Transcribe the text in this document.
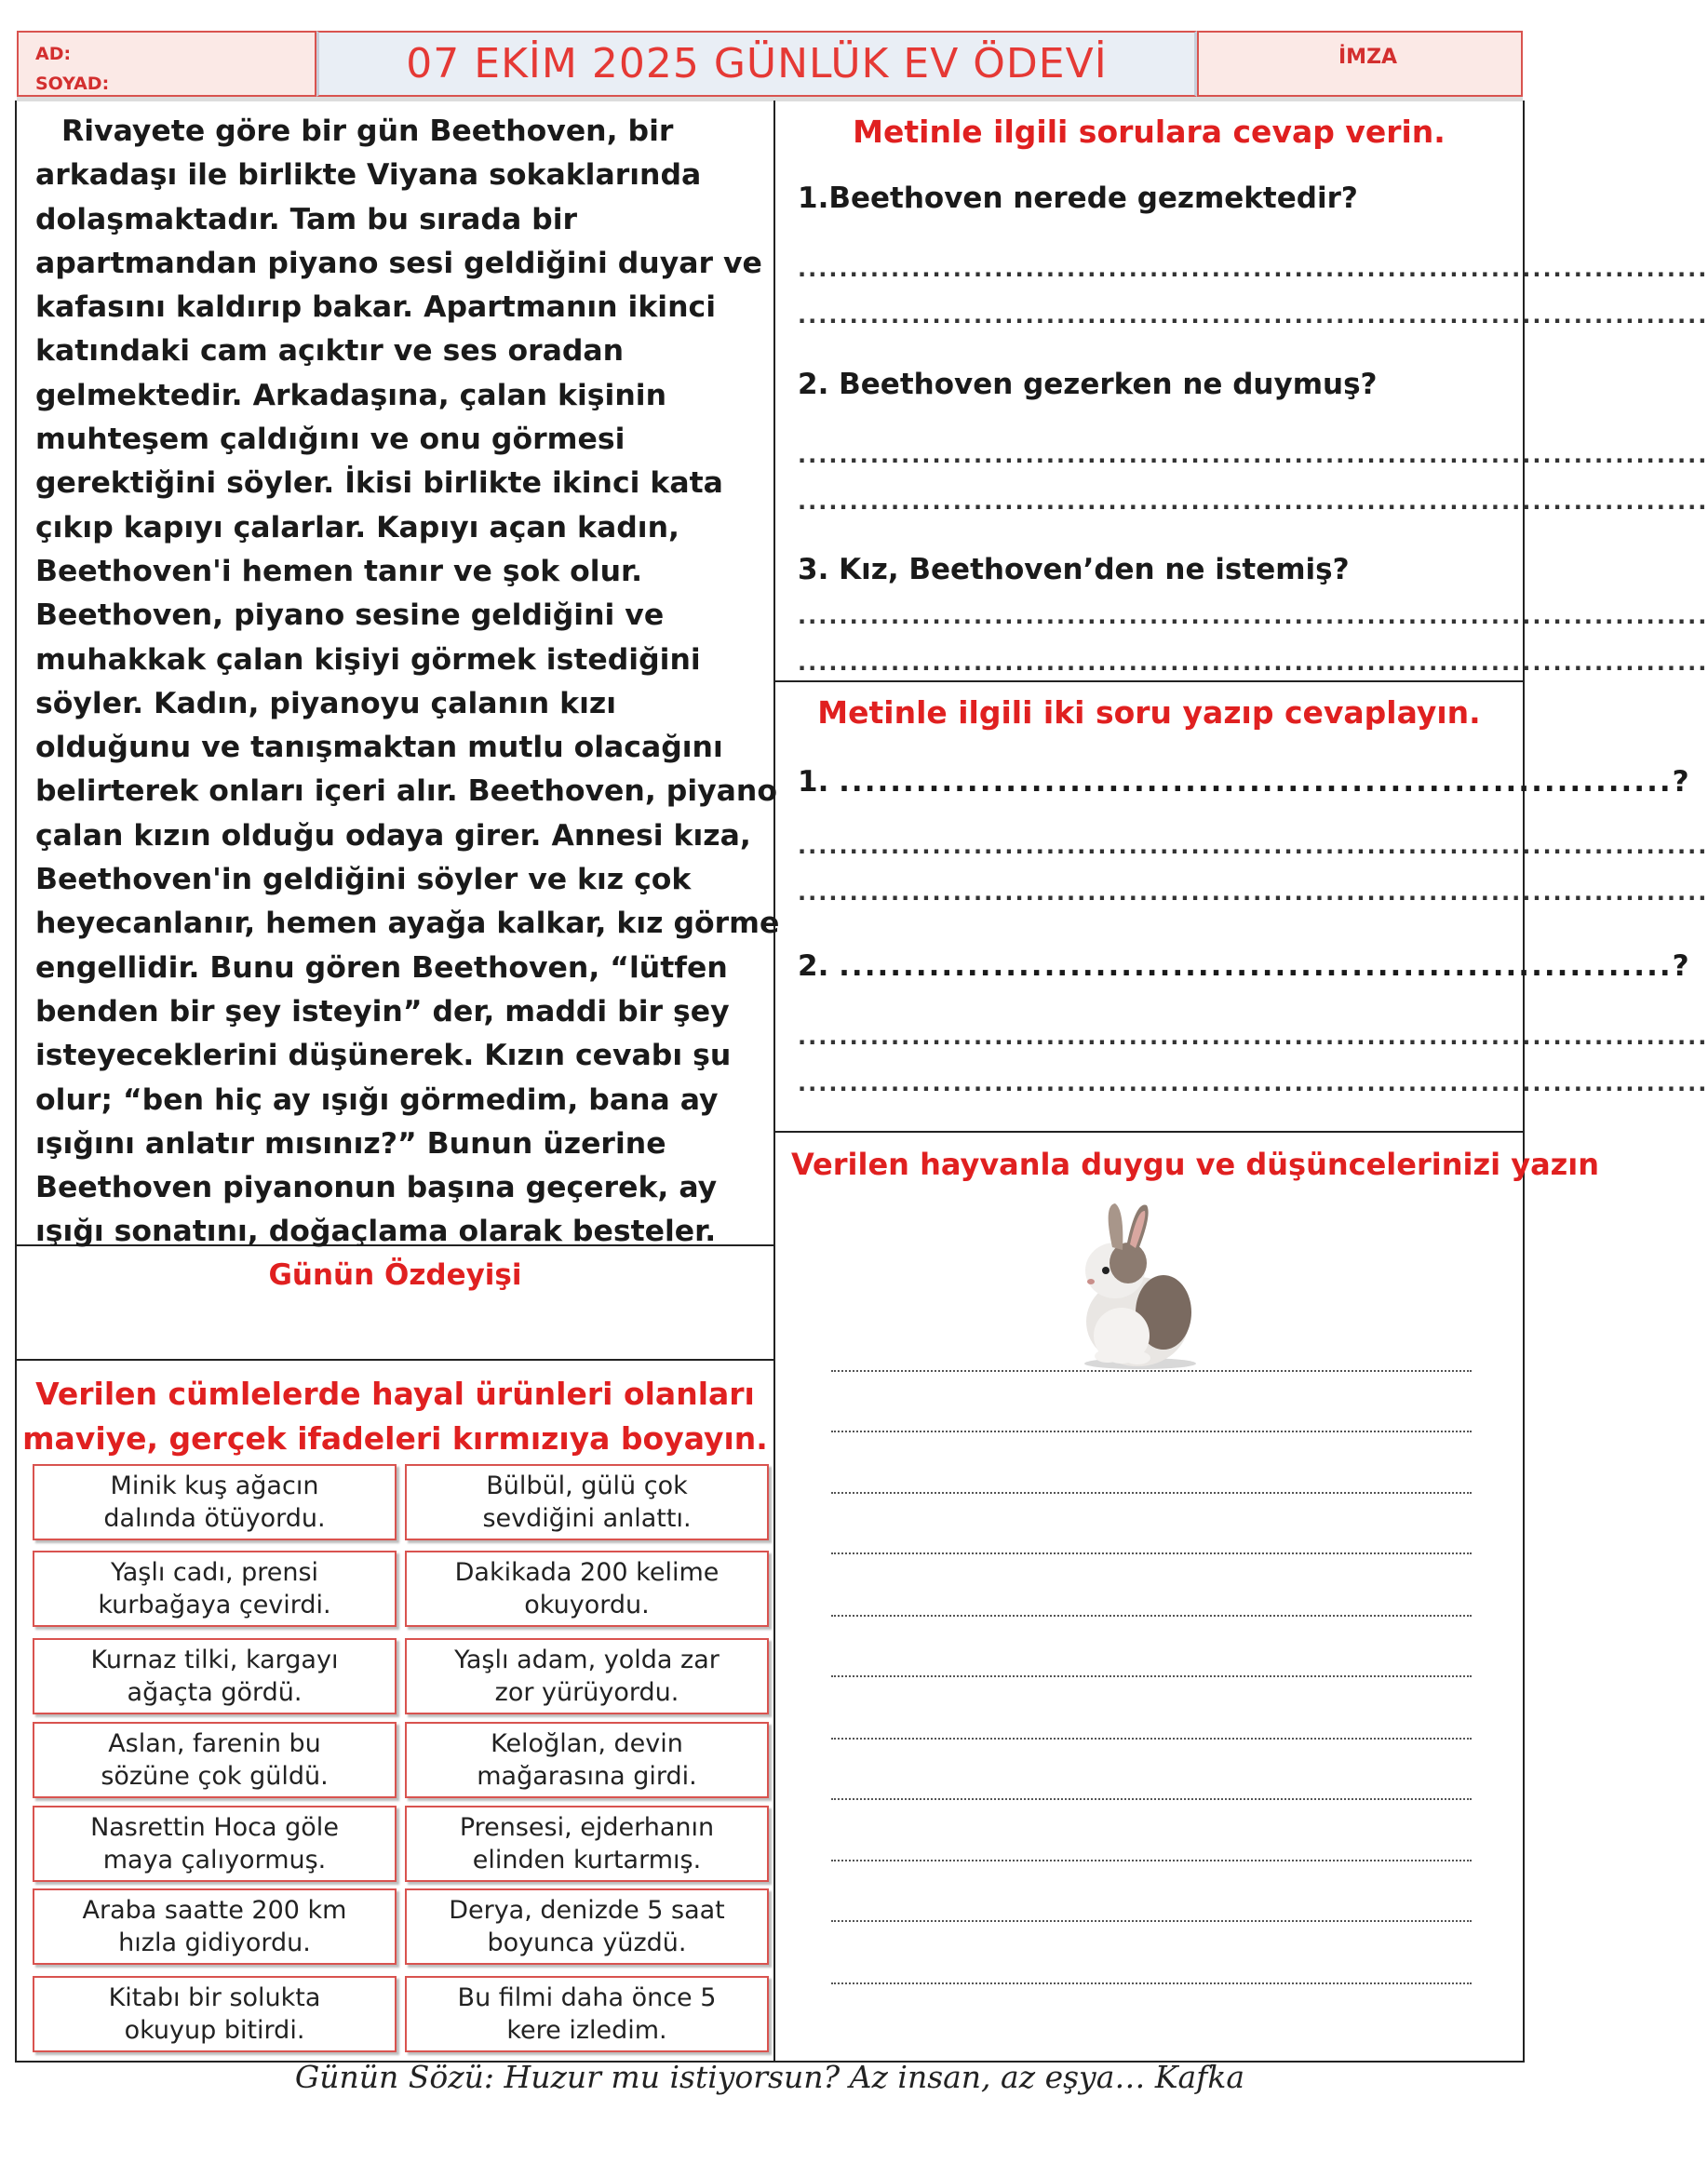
AD:
SOYAD:	07 EKİM 2025 GÜNLÜK EV ÖDEVİ	İMZA
Rivayete göre bir gün Beethoven, bir arkadaşı ile birlikte Viyana sokaklarında dolaşmaktadır. Tam bu sırada bir apartmandan piyano sesi geldiğini duyar ve kafasını kaldırıp bakar. Apartmanın ikinci katındaki cam açıktır ve ses oradan gelmektedir. Arkadaşına, çalan kişinin muhteşem çaldığını ve onu görmesi gerektiğini söyler. İkisi birlikte ikinci kata çıkıp kapıyı çalarlar. Kapıyı açan kadın, Beethoven'i hemen tanır ve şok olur. Beethoven, piyano sesine geldiğini ve muhakkak çalan kişiyi görmek istediğini söyler. Kadın, piyanoyu çalanın kızı olduğunu ve tanışmaktan mutlu olacağını belirterek onları içeri alır. Beethoven, piyano çalan kızın olduğu odaya girer. Annesi kıza, Beethoven'in geldiğini söyler ve kız çok heyecanlanır, hemen ayağa kalkar, kız görme engellidir. Bunu gören Beethoven, “lütfen benden bir şey isteyin” der, maddi bir şey isteyeceklerini düşünerek. Kızın cevabı şu olur; “ben hiç ay ışığı görmedim, bana ay ışığını anlatır mısınız?” Bunun üzerine Beethoven piyanonun başına geçerek, ay ışığı sonatını, doğaçlama olarak besteler.
Günün Özdeyişi
Verilen cümlelerde hayal ürünleri olanları
maviye, gerçek ifadeleri kırmızıya boyayın.
Minik kuş ağacın
dalında ötüyordu.
Bülbül, gülü çok
sevdiğini anlattı.
Yaşlı cadı, prensi
kurbağaya çevirdi.
Dakikada 200 kelime
okuyordu.
Kurnaz tilki, kargayı
ağaçta gördü.
Yaşlı adam, yolda zar
zor yürüyordu.
Aslan, farenin bu
sözüne çok güldü.
Keloğlan, devin
mağarasına girdi.
Nasrettin Hoca göle
maya çalıyormuş.
Prensesi, ejderhanın
elinden kurtarmış.
Araba saatte 200 km
hızla gidiyordu.
Derya, denizde 5 saat
boyunca yüzdü.
Kitabı bir solukta
okuyup bitirdi.
Bu filmi daha önce 5
kere izledim.
Metinle ilgili sorulara cevap verin.
1.Beethoven nerede gezmektedir?
........................................................................................
........................................................................................
2. Beethoven gezerken ne duymuş?
........................................................................................
........................................................................................
3. Kız, Beethoven’den ne istemiş?
........................................................................................
........................................................................................
Metinle ilgili iki soru yazıp cevaplayın.
1. .................................................................?
........................................................................................
........................................................................................
2. .................................................................?
........................................................................................
........................................................................................
Verilen hayvanla duygu ve düşüncelerinizi yazın
Günün Sözü: Huzur mu istiyorsun? Az insan, az eşya… Kafka
